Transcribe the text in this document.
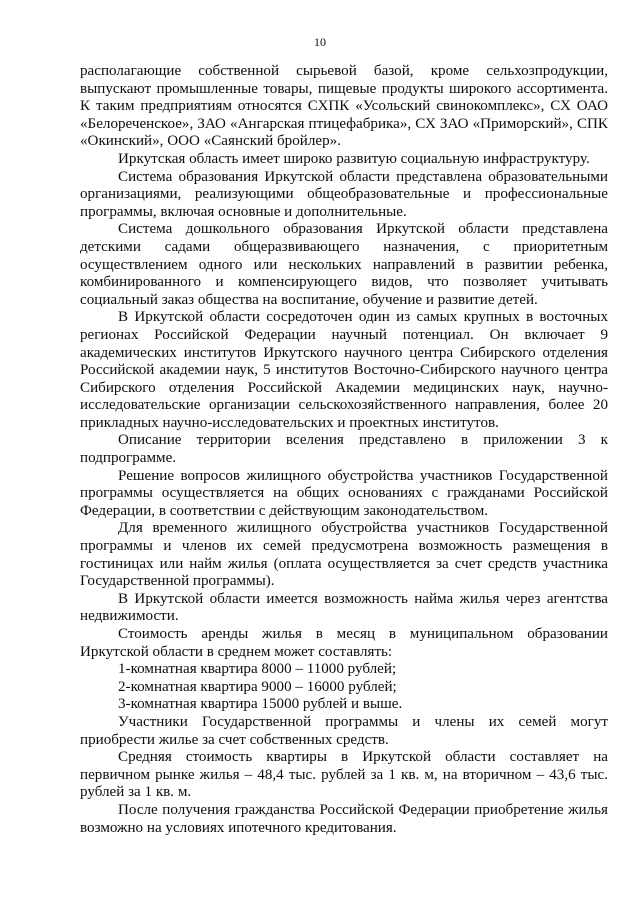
10

располагающие собственной сырьевой базой, кроме сельхозпродукции, выпускают промышленные товары, пищевые продукты широкого ассортимента. К таким предприятиям относятся СХПК «Усольский свинокомплекс», СХ ОАО «Белореченское», ЗАО «Ангарская птицефабрика», СХ ЗАО «Приморский», СПК «Окинский», ООО «Саянский бройлер».

Иркутская область имеет широко развитую социальную инфраструктуру.

Система образования Иркутской области представлена образовательными организациями, реализующими общеобразовательные и профессиональные программы, включая основные и дополнительные.

Система дошкольного образования Иркутской области представлена детскими садами общеразвивающего назначения, с приоритетным осуществлением одного или нескольких направлений в развитии ребенка, комбинированного и компенсирующего видов, что позволяет учитывать социальный заказ общества на воспитание, обучение и развитие детей.

В Иркутской области сосредоточен один из самых крупных в восточных регионах Российской Федерации научный потенциал. Он включает 9 академических институтов Иркутского научного центра Сибирского отделения Российской академии наук, 5 институтов Восточно-Сибирского научного центра Сибирского отделения Российской Академии медицинских наук, научно-исследовательские организации сельскохозяйственного направления, более 20 прикладных научно-исследовательских и проектных институтов.

Описание территории вселения представлено в приложении 3 к подпрограмме.

Решение вопросов жилищного обустройства участников Государственной программы осуществляется на общих основаниях с гражданами Российской Федерации, в соответствии с действующим законодательством.

Для временного жилищного обустройства участников Государственной программы и членов их семей предусмотрена возможность размещения в гостиницах или найм жилья (оплата осуществляется за счет средств участника Государственной программы).

В Иркутской области имеется возможность найма жилья через агентства недвижимости.

Стоимость аренды жилья в месяц в муниципальном образовании Иркутской области в среднем может составлять:

1-комнатная квартира 8000 – 11000 рублей;

2-комнатная квартира 9000 – 16000 рублей;

3-комнатная квартира 15000 рублей и выше.

Участники Государственной программы и члены их семей могут приобрести жилье за счет собственных средств.

Средняя стоимость квартиры в Иркутской области составляет на первичном рынке жилья – 48,4 тыс. рублей за 1 кв. м, на вторичном – 43,6 тыс. рублей за 1 кв. м.

После получения гражданства Российской Федерации приобретение жилья возможно на условиях ипотечного кредитования.
